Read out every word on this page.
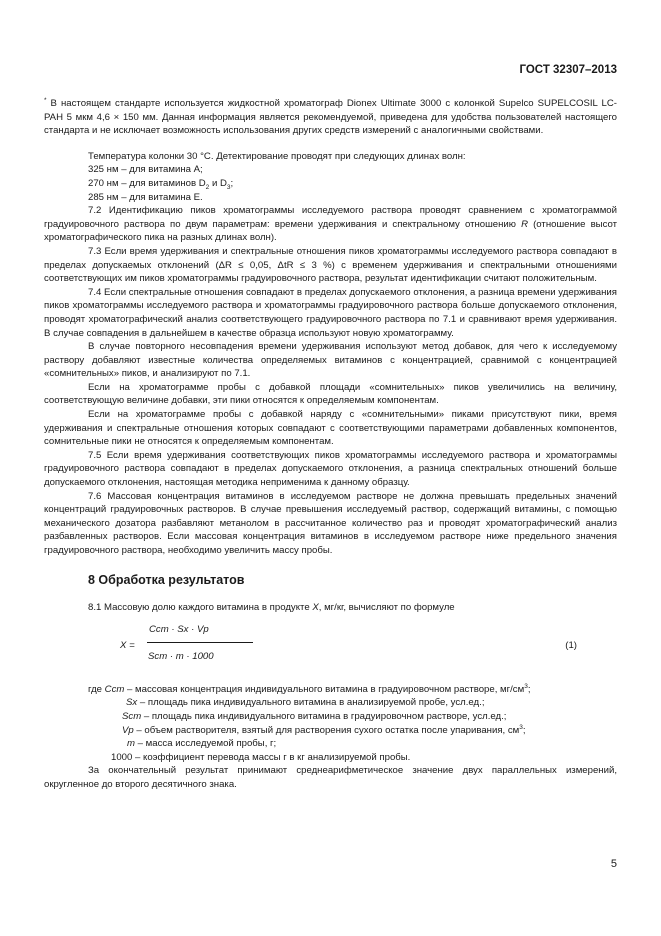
ГОСТ 32307–2013

* В настоящем стандарте используется жидкостной хроматограф Dionex Ultimate 3000 с колонкой Supelco SUPELCOSIL LC-PAH 5 мкм 4,6 × 150 мм. Данная информация является рекомендуемой, приведена для удобства пользователей настоящего стандарта и не исключает возможность использования других средств измерений с аналогичными свойствами.

Температура колонки 30 °С. Детектирование проводят при следующих длинах волн:

325 нм – для витамина А;

270 нм – для витаминов $D_2$ и $D_3$;

285 нм – для витамина Е.

7.2 Идентификацию пиков хроматограммы исследуемого раствора проводят сравнением с хроматограммой градуировочного раствора по двум параметрам: времени удерживания и спектральному отношению R (отношение высот хроматографического пика на разных длинах волн).

7.3 Если время удерживания и спектральные отношения пиков хроматограммы исследуемого раствора совпадают в пределах допускаемых отклонений (ΔR ≤ 0,05, ΔtR ≤ 3 %) с временем удерживания и спектральными отношениями соответствующих им пиков хроматограммы градуировочного раствора, результат идентификации считают положительным.

7.4 Если спектральные отношения совпадают в пределах допускаемого отклонения, а разница времени удерживания пиков хроматограммы исследуемого раствора и хроматограммы градуировочного раствора больше допускаемого отклонения, проводят хроматографический анализ соответствующего градуировочного раствора по 7.1 и сравнивают время удерживания. В случае совпадения в дальнейшем в качестве образца используют новую хроматограмму.

В случае повторного несовпадения времени удерживания используют метод добавок, для чего к исследуемому раствору добавляют известные количества определяемых витаминов с концентрацией, сравнимой с концентрацией «сомнительных» пиков, и анализируют по 7.1.

Если на хроматограмме пробы с добавкой площади «сомнительных» пиков увеличились на величину, соответствующую величине добавки, эти пики относятся к определяемым компонентам.

Если на хроматограмме пробы с добавкой наряду с «сомнительными» пиками присутствуют пики, время удерживания и спектральные отношения которых совпадают с соответствующими параметрами добавленных компонентов, сомнительные пики не относятся к определяемым компонентам.

7.5 Если время удерживания соответствующих пиков хроматограммы исследуемого раствора и хроматограммы градуировочного раствора совпадают в пределах допускаемого отклонения, а разница спектральных отношений больше допускаемого отклонения, настоящая методика неприменима к данному образцу.

7.6 Массовая концентрация витаминов в исследуемом растворе не должна превышать предельных значений концентраций градуировочных растворов. В случае превышения исследуемый раствор, содержащий витамины, с помощью механического дозатора разбавляют метанолом в рассчитанное количество раз и проводят хроматографический анализ разбавленных растворов. Если массовая концентрация витаминов в исследуемом растворе ниже предельного значения градуировочного раствора, необходимо увеличить массу пробы.

8 Обработка результатов

8.1 Массовую долю каждого витамина в продукте X, мг/кг, вычисляют по формуле

X =
Cст · Sх · Vр
Sст · m · 1000
(1)

где Сст – массовая концентрация индивидуального витамина в градуировочном растворе, $мг/см^3$;

Sх – площадь пика индивидуального витамина в анализируемой пробе, усл.ед.;

Sст – площадь пика индивидуального витамина в градуировочном растворе, усл.ед.;

Vр – объем растворителя, взятый для растворения сухого остатка после упаривания, $см^3$;

m – масса исследуемой пробы, г;

1000 – коэффициент перевода массы г в кг анализируемой пробы.

За окончательный результат принимают среднеарифметическое значение двух параллельных измерений, округленное до второго десятичного знака.

5
